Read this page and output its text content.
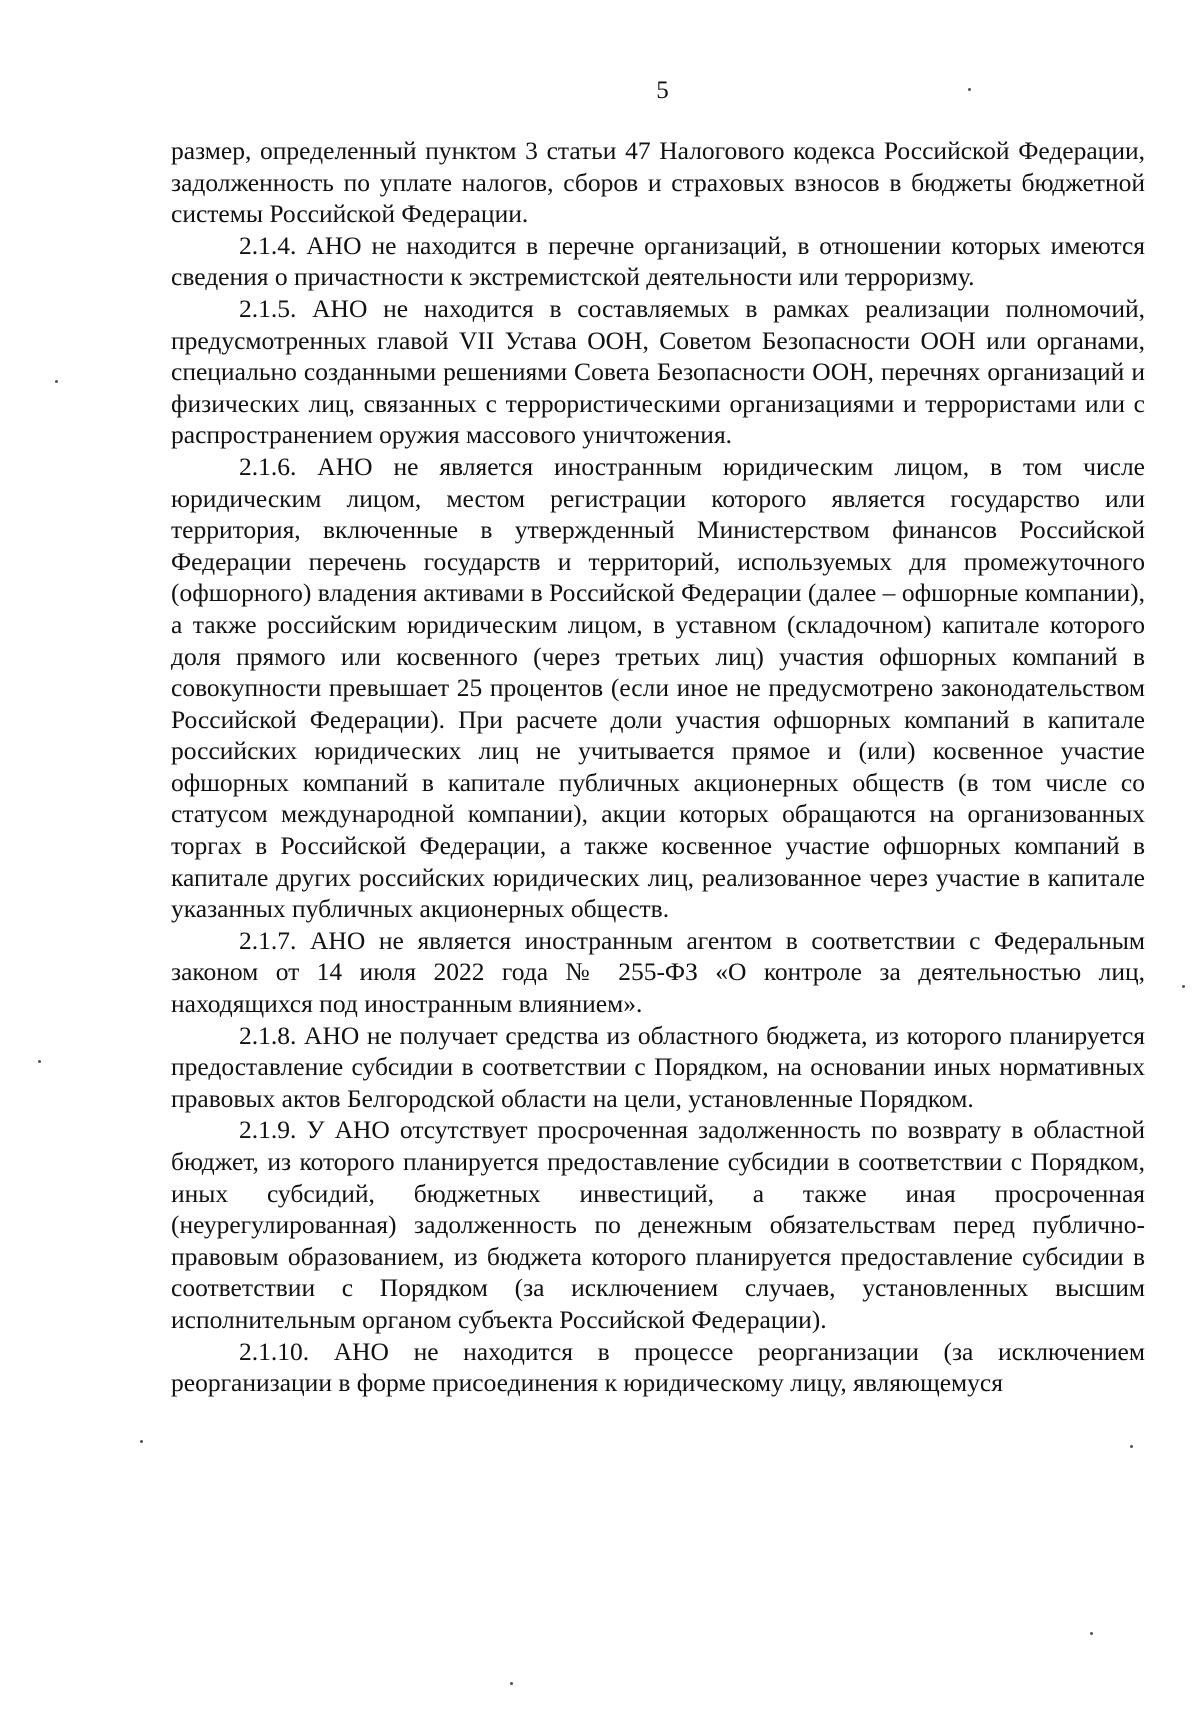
5

размер, определенный пунктом 3 статьи 47 Налогового кодекса Российской Федерации, задолженность по уплате налогов, сборов и страховых взносов в бюджеты бюджетной системы Российской Федерации.

2.1.4. АНО не находится в перечне организаций, в отношении которых имеются сведения о причастности к экстремистской деятельности или терроризму.

2.1.5. АНО не находится в составляемых в рамках реализации полномочий, предусмотренных главой VII Устава ООН, Советом Безопасности ООН или органами, специально созданными решениями Совета Безопасности ООН, перечнях организаций и физических лиц, связанных с террористическими организациями и террористами или с распространением оружия массового уничтожения.

2.1.6. АНО не является иностранным юридическим лицом, в том числе юридическим лицом, местом регистрации которого является государство или территория, включенные в утвержденный Министерством финансов Российской Федерации перечень государств и территорий, используемых для промежуточного (офшорного) владения активами в Российской Федерации (далее – офшорные компании), а также российским юридическим лицом, в уставном (складочном) капитале которого доля прямого или косвенного (через третьих лиц) участия офшорных компаний в совокупности превышает 25 процентов (если иное не предусмотрено законодательством Российской Федерации). При расчете доли участия офшорных компаний в капитале российских юридических лиц не учитывается прямое и (или) косвенное участие офшорных компаний в капитале публичных акционерных обществ (в том числе со статусом международной компании), акции которых обращаются на организованных торгах в Российской Федерации, а также косвенное участие офшорных компаний в капитале других российских юридических лиц, реализованное через участие в капитале указанных публичных акционерных обществ.

2.1.7. АНО не является иностранным агентом в соответствии с Федеральным законом от 14 июля 2022 года № 255-ФЗ «О контроле за деятельностью лиц, находящихся под иностранным влиянием».

2.1.8. АНО не получает средства из областного бюджета, из которого планируется предоставление субсидии в соответствии с Порядком, на основании иных нормативных правовых актов Белгородской области на цели, установленные Порядком.

2.1.9. У АНО отсутствует просроченная задолженность по возврату в областной бюджет, из которого планируется предоставление субсидии в соответствии с Порядком, иных субсидий, бюджетных инвестиций, а также иная просроченная (неурегулированная) задолженность по денежным обязательствам перед публично-правовым образованием, из бюджета которого планируется предоставление субсидии в соответствии с Порядком (за исключением случаев, установленных высшим исполнительным органом субъекта Российской Федерации).

2.1.10. АНО не находится в процессе реорганизации (за исключением реорганизации в форме присоединения к юридическому лицу, являющемуся
